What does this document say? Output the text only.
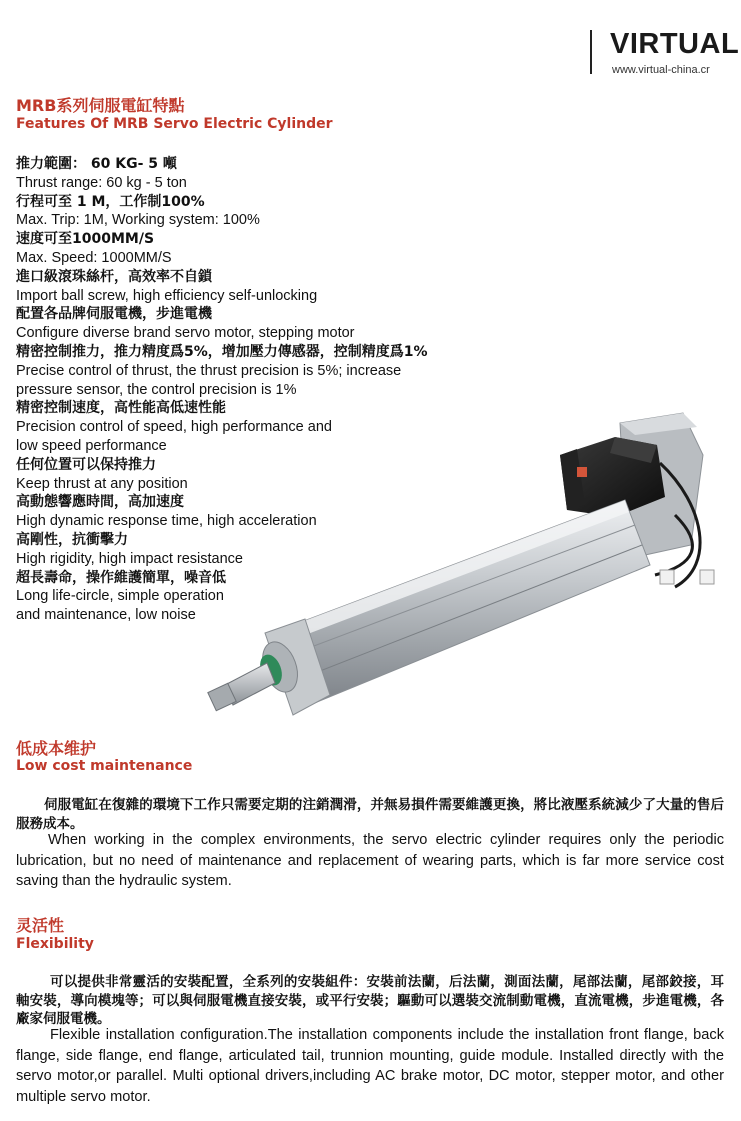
VIRTUAL
www.virtual-china.cr
MRB系列伺服電缸特點
Features Of MRB Servo Electric Cylinder
推力範圍： 60 KG- 5 噸
Thrust range: 60 kg - 5 ton
行程可至 1 M，工作制100%
Max. Trip: 1M, Working system: 100%
速度可至1000MM/S
Max. Speed: 1000MM/S
進口級滾珠絲杆，高效率不自鎖
Import ball screw, high efficiency self-unlocking
配置各品牌伺服電機，步進電機
Configure diverse brand servo motor, stepping motor
精密控制推力，推力精度爲5%，增加壓力傳感器，控制精度爲1%
Precise control of thrust, the thrust precision is 5%; increase
pressure sensor, the control precision is 1%
精密控制速度，高性能高低速性能
Precision control of speed, high performance and
low speed performance
任何位置可以保持推力
Keep thrust at any position
高動態響應時間，高加速度
High dynamic response time, high acceleration
高剛性，抗衝擊力
High rigidity, high impact resistance
超長壽命，操作維護簡單，噪音低
Long life-circle, simple operation
and maintenance, low noise
低成本维护
Low cost maintenance

伺服電缸在復雜的環境下工作只需要定期的注銷潤滑，并無易損件需要維護更換，將比液壓系統減少了大量的售后服務成本。

When working in the complex environments, the servo electric cylinder requires only the periodic lubrication, but no need of maintenance and replacement of wearing parts, which is far more service cost saving than the hydraulic system.

灵活性
Flexibility

可以提供非常靈活的安裝配置，全系列的安裝組件：安裝前法蘭，后法蘭，測面法蘭，尾部法蘭，尾部鉸接，耳軸安裝，導向模塊等；可以與伺服電機直接安裝，或平行安裝；驅動可以選裝交流制動電機，直流電機，步進電機，各廠家伺服電機。

Flexible installation configuration.The installation components include the installation front flange, back flange, side flange, end flange, articulated tail, trunnion mounting, guide module. Installed directly with the servo motor,or parallel. Multi optional drivers,including AC brake motor, DC motor, stepper motor, and other multiple servo motor.
